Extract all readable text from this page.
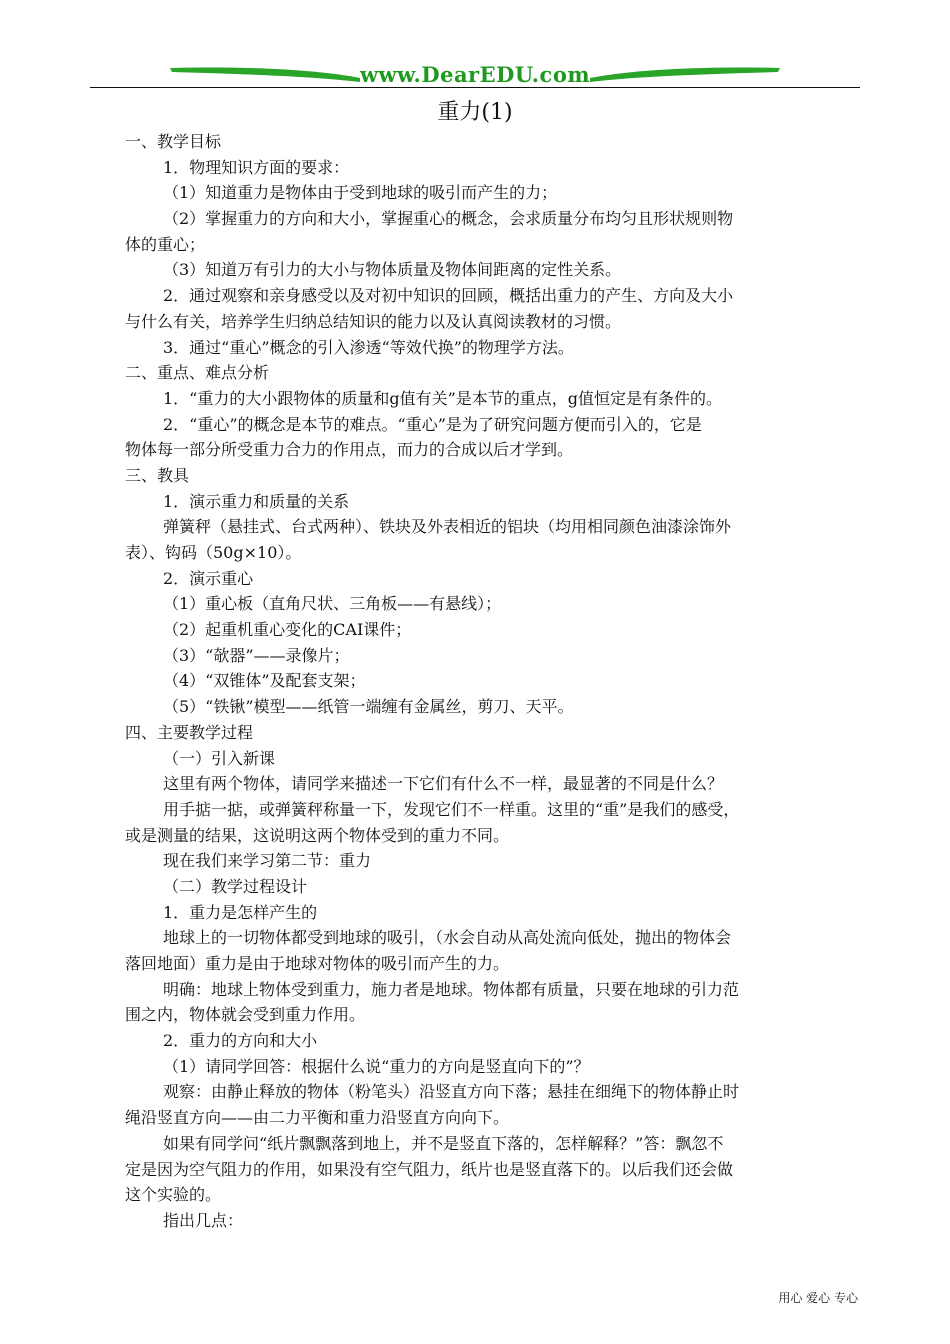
www.DearEDU.com
重力(1)
一、教学目标
1．物理知识方面的要求：
（1）知道重力是物体由于受到地球的吸引而产生的力；
（2）掌握重力的方向和大小，掌握重心的概念，会求质量分布均匀且形状规则物
体的重心；
（3）知道万有引力的大小与物体质量及物体间距离的定性关系。
2．通过观察和亲身感受以及对初中知识的回顾，概括出重力的产生、方向及大小
与什么有关，培养学生归纳总结知识的能力以及认真阅读教材的习惯。
3．通过“重心”概念的引入渗透“等效代换”的物理学方法。
二、重点、难点分析
1．“重力的大小跟物体的质量和g值有关”是本节的重点，g值恒定是有条件的。
2．“重心”的概念是本节的难点。“重心”是为了研究问题方便而引入的，它是
物体每一部分所受重力合力的作用点，而力的合成以后才学到。
三、教具
1．演示重力和质量的关系
弹簧秤（悬挂式、台式两种）、铁块及外表相近的铝块（均用相同颜色油漆涂饰外
表）、钩码（50g×10）。
2．演示重心
（1）重心板（直角尺状、三角板——有悬线）；
（2）起重机重心变化的CAI课件；
（3）“欹器”——录像片；
（4）“双锥体”及配套支架；
（5）“铁锹”模型——纸管一端缠有金属丝，剪刀、天平。
四、主要教学过程
（一）引入新课
这里有两个物体，请同学来描述一下它们有什么不一样，最显著的不同是什么？
用手掂一掂，或弹簧秤称量一下，发现它们不一样重。这里的“重”是我们的感受，
或是测量的结果，这说明这两个物体受到的重力不同。
现在我们来学习第二节：重力
（二）教学过程设计
1．重力是怎样产生的
地球上的一切物体都受到地球的吸引，（水会自动从高处流向低处，抛出的物体会
落回地面）重力是由于地球对物体的吸引而产生的力。
明确：地球上物体受到重力，施力者是地球。物体都有质量，只要在地球的引力范
围之内，物体就会受到重力作用。
2．重力的方向和大小
（1）请同学回答：根据什么说“重力的方向是竖直向下的”？
观察：由静止释放的物体（粉笔头）沿竖直方向下落；悬挂在细绳下的物体静止时
绳沿竖直方向——由二力平衡和重力沿竖直方向向下。
如果有同学问“纸片飘飘落到地上，并不是竖直下落的，怎样解释？”答：飘忽不
定是因为空气阻力的作用，如果没有空气阻力，纸片也是竖直落下的。以后我们还会做
这个实验的。
指出几点：
用心 爱心 专心
